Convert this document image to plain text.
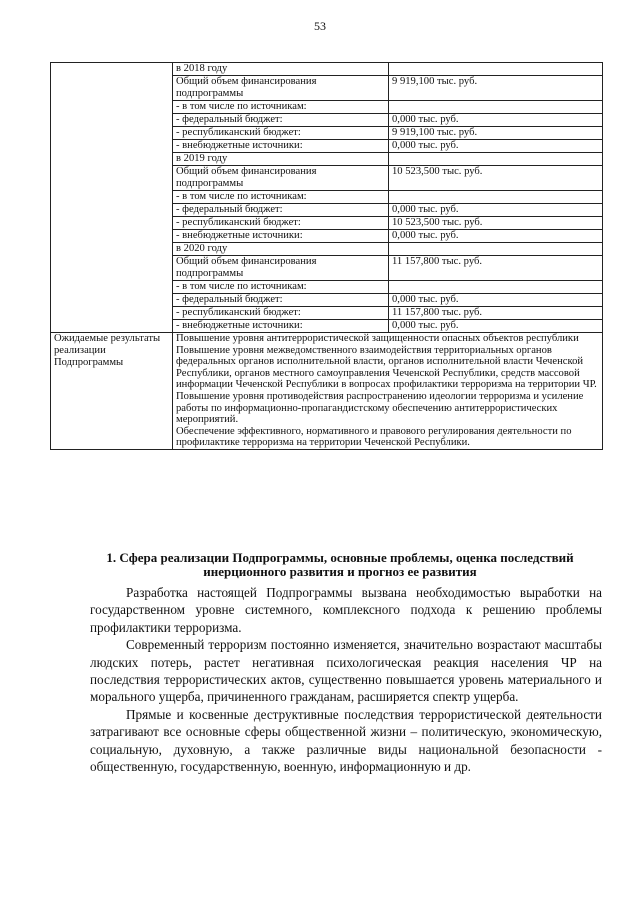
53
	в 2018 году	
	Общий объем финансирования подпрограммы	9 919,100 тыс. руб.
	- в том числе по источникам:	
	- федеральный бюджет:	0,000 тыс. руб.
	- республиканский бюджет:	9 919,100 тыс. руб.
	- внебюджетные источники:	0,000 тыс. руб.
	в 2019 году	
	Общий объем финансирования подпрограммы	10 523,500 тыс. руб.
	- в том числе по источникам:	
	- федеральный бюджет:	0,000 тыс. руб.
	- республиканский бюджет:	10 523,500 тыс. руб.
	- внебюджетные источники:	0,000 тыс. руб.
	в 2020 году	
	Общий объем финансирования подпрограммы	11 157,800 тыс. руб.
	- в том числе по источникам:	
	- федеральный бюджет:	0,000 тыс. руб.
	- республиканский бюджет:	11 157,800 тыс. руб.
	- внебюджетные источники:	0,000 тыс. руб.
Ожидаемые результаты реализации Подпрограммы	Повышение уровня антитеррористической защищенности опасных объектов республики
Повышение уровня межведомственного взаимодействия территориальных органов федеральных органов исполнительной власти, органов исполнительной власти Чеченской Республики, органов местного самоуправления Чеченской Республики, средств массовой информации Чеченской Республики в вопросах профилактики терроризма на территории ЧР.
Повышение уровня противодействия распространению идеологии терроризма и усиление работы по информационно-пропагандистскому обеспечению антитеррористических мероприятий.
Обеспечение эффективного, нормативного и правового регулирования деятельности по профилактике терроризма на территории Чеченской Республики.	
1. Сфера реализации Подпрограммы, основные проблемы, оценка последствий инерционного развития и прогноз ее развития

Разработка настоящей Подпрограммы вызвана необходимостью выработки на государственном уровне системного, комплексного подхода к решению проблемы профилактики терроризма.

Современный терроризм постоянно изменяется, значительно возрастают масштабы людских потерь, растет негативная психологическая реакция населения ЧР на последствия террористических актов, существенно повышается уровень материального и морального ущерба, причиненного гражданам, расширяется спектр ущерба.

Прямые и косвенные деструктивные последствия террористической деятельности затрагивают все основные сферы общественной жизни – политическую, экономическую, социальную, духовную, а также различные виды национальной безопасности - общественную, государственную, военную, информационную и др.
